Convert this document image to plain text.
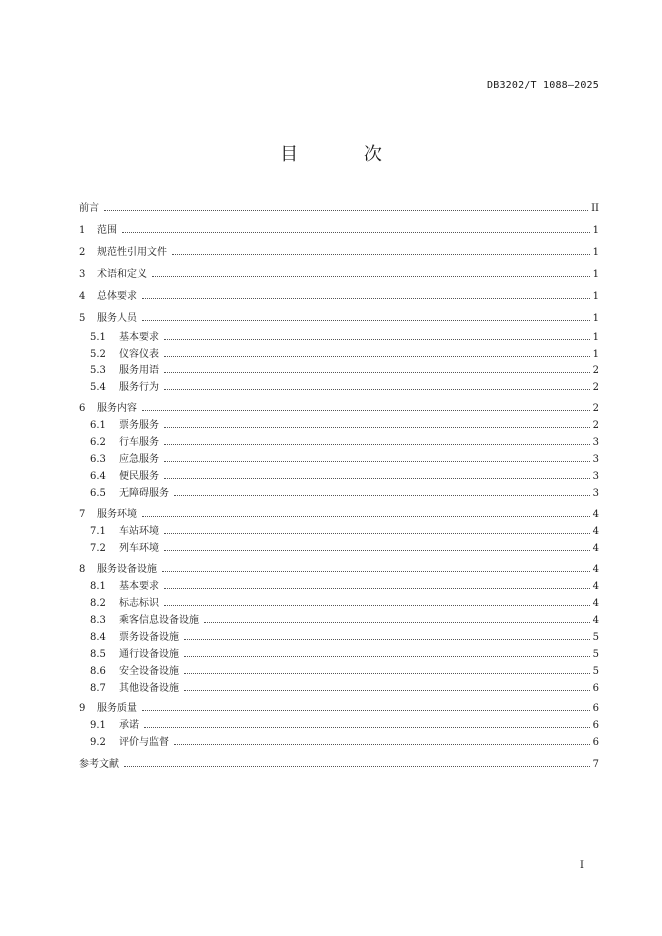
DB3202/T 1088—2025
目 次
前言	II
1	范围	1
2	规范性引用文件	1
3	术语和定义	1
4	总体要求	1
5	服务人员	1
5.1	基本要求	1
5.2	仪容仪表	1
5.3	服务用语	2
5.4	服务行为	2
6	服务内容	2
6.1	票务服务	2
6.2	行车服务	3
6.3	应急服务	3
6.4	便民服务	3
6.5	无障碍服务	3
7	服务环境	4
7.1	车站环境	4
7.2	列车环境	4
8	服务设备设施	4
8.1	基本要求	4
8.2	标志标识	4
8.3	乘客信息设备设施	4
8.4	票务设备设施	5
8.5	通行设备设施	5
8.6	安全设备设施	5
8.7	其他设备设施	6
9	服务质量	6
9.1	承诺	6
9.2	评价与监督	6
参考文献	7
I
